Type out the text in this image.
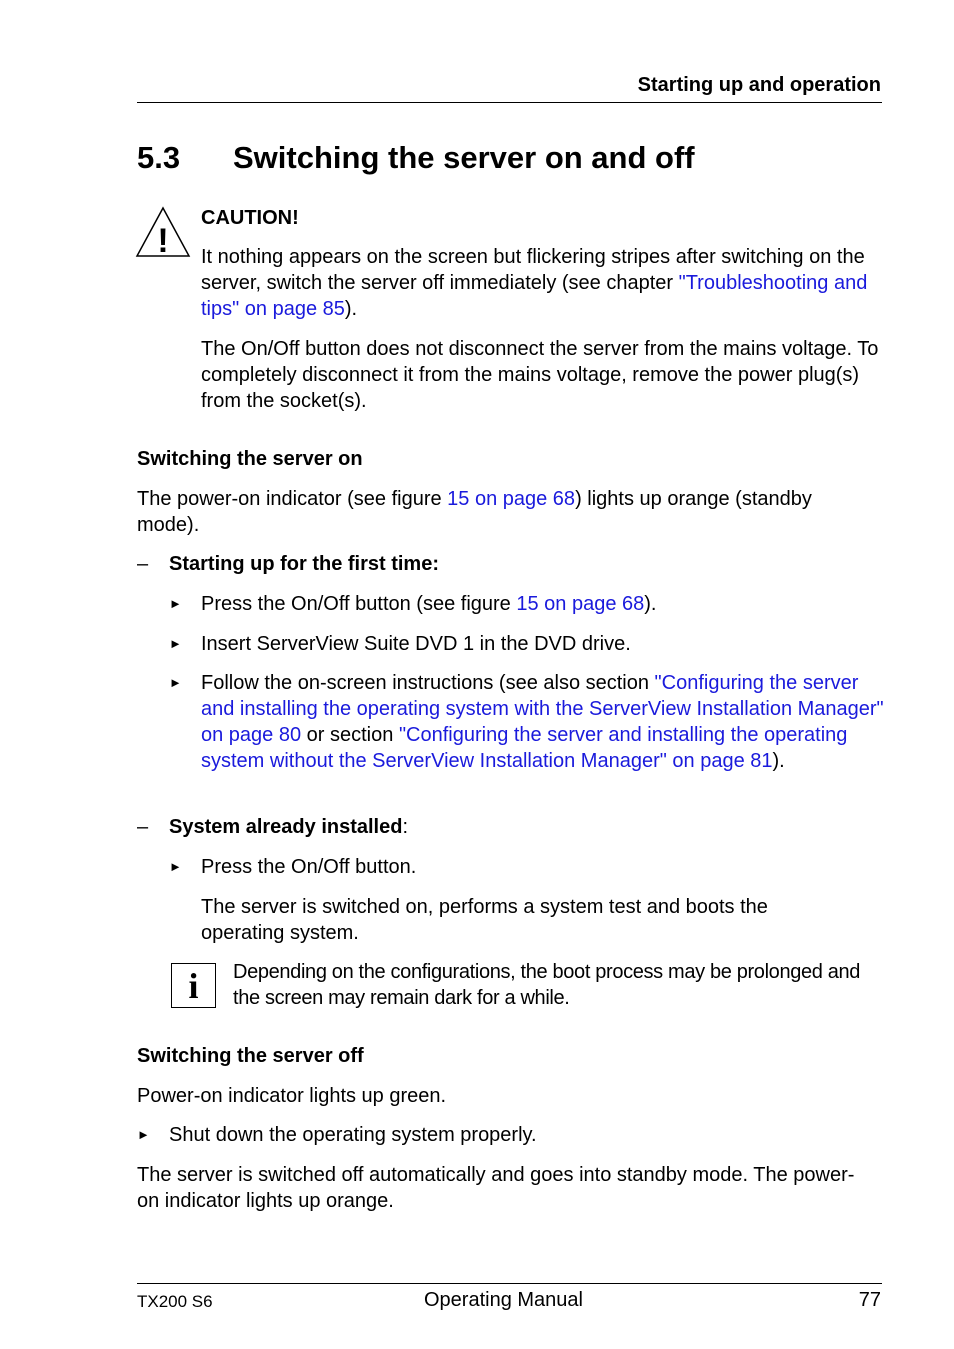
Starting up and operation
5.3 Switching the server on and off
!
CAUTION!

It nothing appears on the screen but flickering stripes after switching on the server, switch the server off immediately (see chapter "Troubleshooting and tips" on page 85).

The On/Off button does not disconnect the server from the mains voltage. To completely disconnect it from the mains voltage, remove the power plug(s) from the socket(s).

Switching the server on

The power-on indicator (see figure 15 on page 68) lights up orange (standby mode).

– Starting up for the first time:
► Press the On/Off button (see figure 15 on page 68).

► Insert ServerView Suite DVD 1 in the DVD drive.

► Follow the on-screen instructions (see also section "Configuring the server and installing the operating system with the ServerView Installation Manager" on page 80 or section "Configuring the server and installing the operating system without the ServerView Installation Manager" on page 81).

– System already installed:
► Press the On/Off button.

The server is switched on, performs a system test and boots the operating system.

i	Depending on the configurations, the boot process may be prolonged and the screen may remain dark for a while.

Switching the server off

Power-on indicator lights up green.

► Shut down the operating system properly.

The server is switched off automatically and goes into standby mode. The power-on indicator lights up orange.

TX200 S6	Operating Manual	77
